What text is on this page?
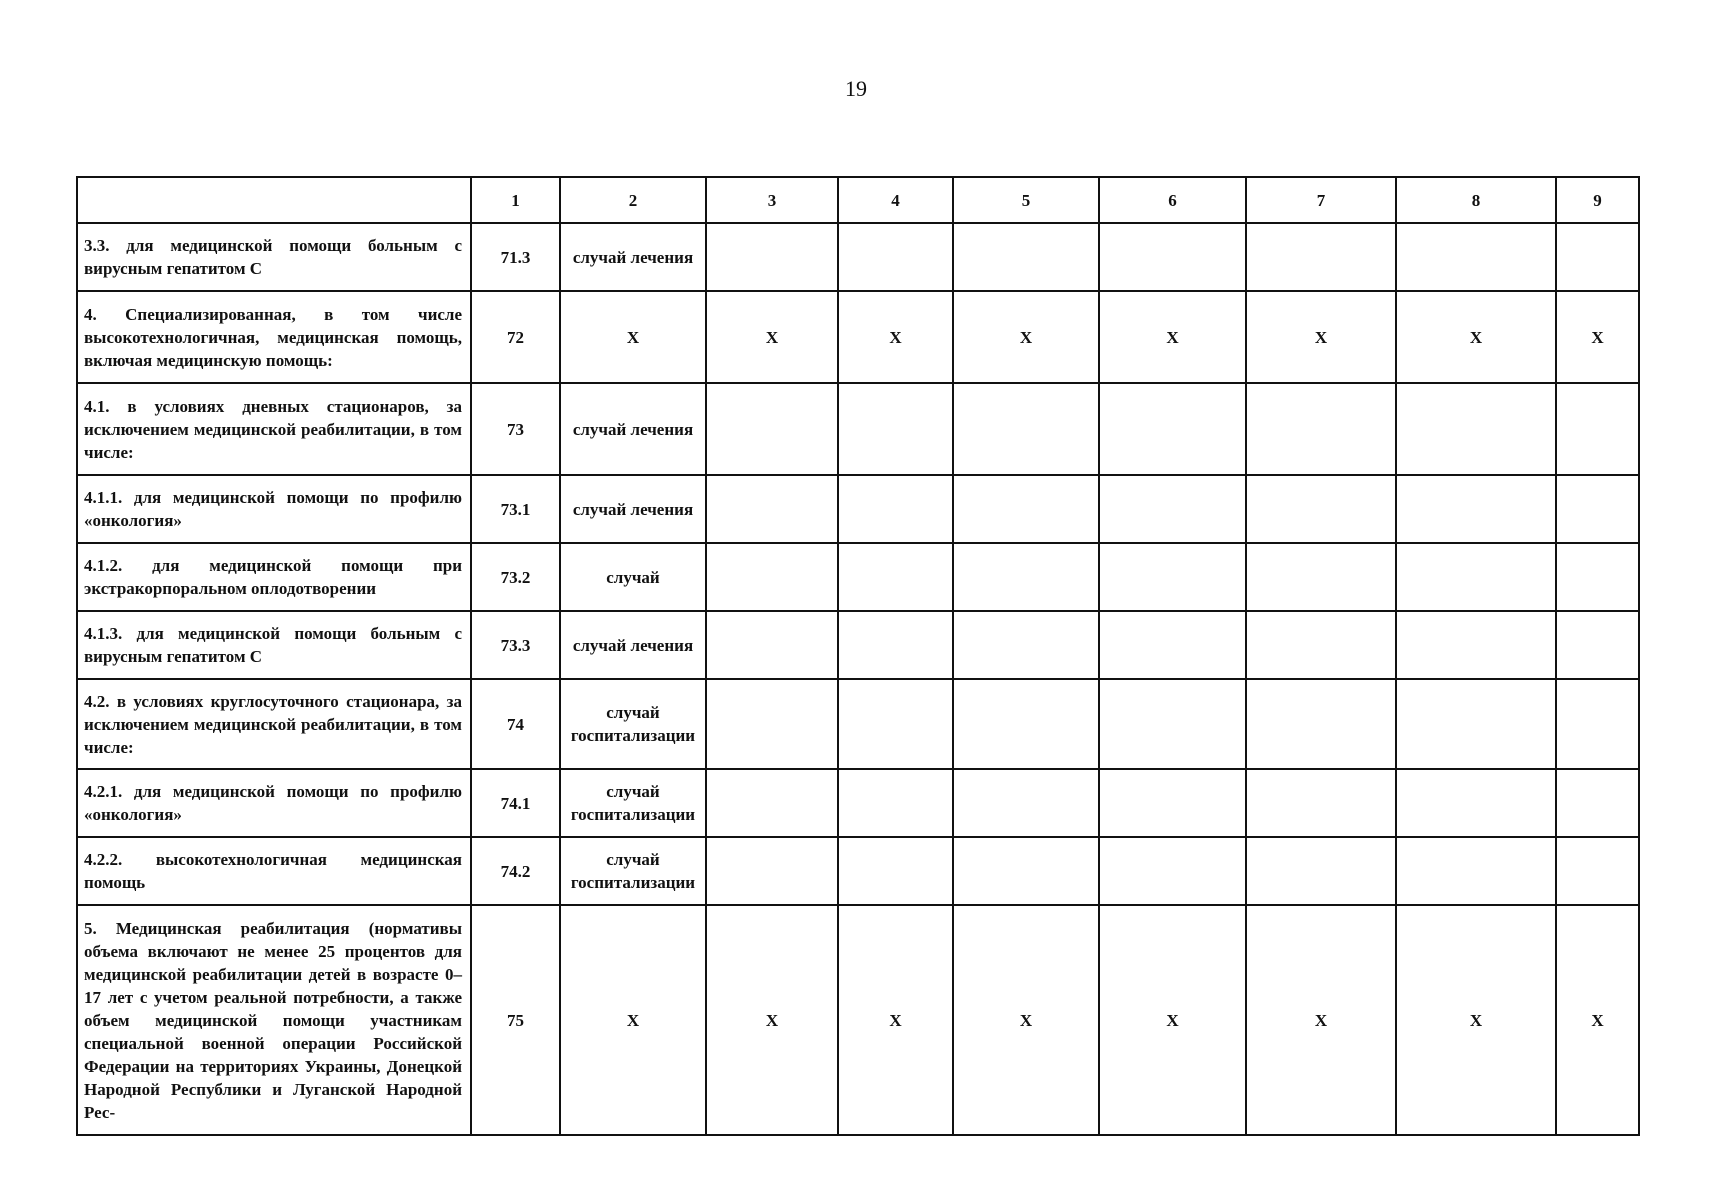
19
	1	2	3	4	5	6	7	8	9
3.3. для медицинской помощи больным с вирусным гепатитом С	71.3	случай лечения							
4. Специализированная, в том числе высокотехнологичная, медицинская помощь, включая медицинскую помощь:	72	Х	Х	Х	Х	Х	Х	Х	Х
4.1. в условиях дневных стационаров, за исключением медицинской реабилитации, в том числе:	73	случай лечения							
4.1.1. для медицинской помощи по профилю «онкология»	73.1	случай лечения							
4.1.2. для медицинской помощи при экстракорпоральном оплодотворении	73.2	случай							
4.1.3. для медицинской помощи больным с вирусным гепатитом С	73.3	случай лечения							
4.2. в условиях круглосуточного стационара, за исключением медицинской реабилитации, в том числе:	74	случай госпитализации							
4.2.1. для медицинской помощи по профилю «онкология»	74.1	случай госпитализации							
4.2.2. высокотехнологичная медицинская помощь	74.2	случай госпитализации							
5. Медицинская реабилитация (нормативы объема включают не менее 25 процентов для медицинской реабилитации детей в возрасте 0–17 лет с учетом реальной потребности, а также объем медицинской помощи участникам специальной военной операции Российской Федерации на территориях Украины, Донецкой Народной Республики и Луганской Народной Рес-	75	Х	Х	Х	Х	Х	Х	Х	Х
